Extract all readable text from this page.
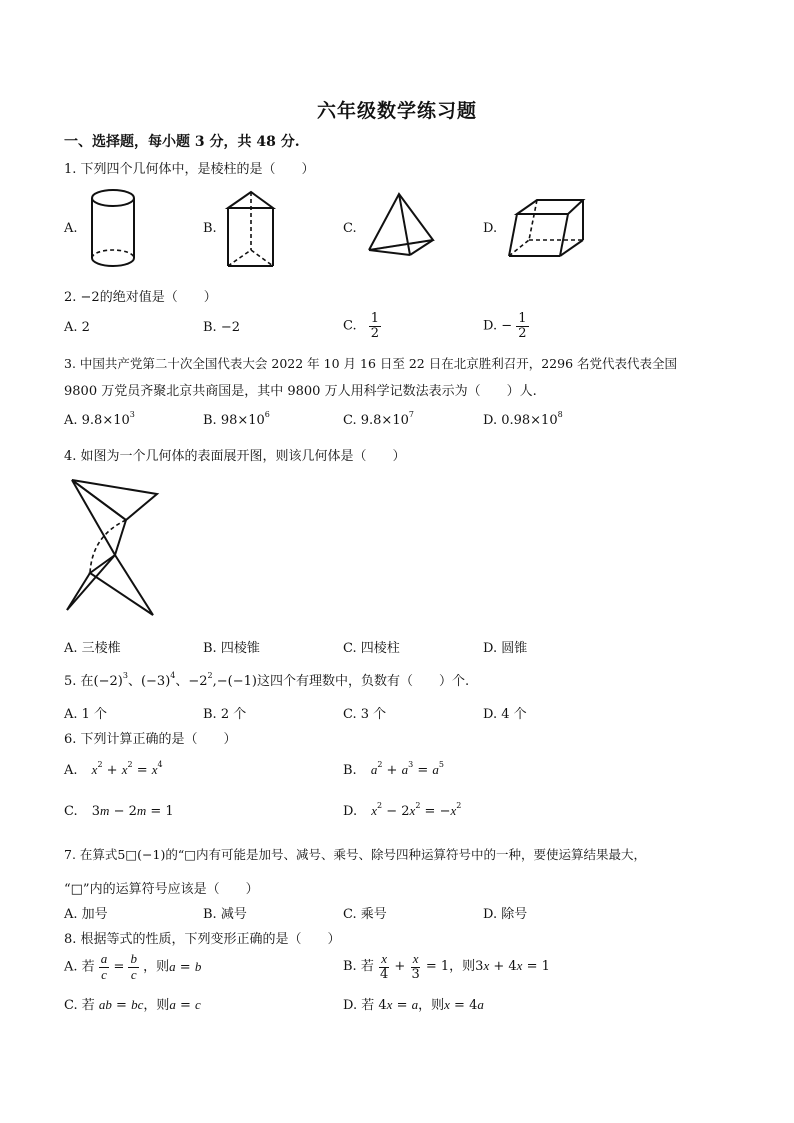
六年级数学练习题
一、选择题，每小题 3 分，共 48 分.
1. 下列四个几何体中，是棱柱的是（　　）
A.	B.	C.	D.
2. −2的绝对值是（　　）
A. 2	B. −2	C. $\frac{1}{2}$	D. − $\frac{1}{2}$
3. 中国共产党第二十次全国代表大会 2022 年 10 月 16 日至 22 日在北京胜利召开，2296 名党代表代表全国
9800 万党员齐聚北京共商国是，其中 9800 万人用科学记数法表示为（　　）人.
A. $9.8\times 10^3$	B. $98\times 10^6$	C. $9.8\times 10^7$	D. $0.98\times 10^8$
4. 如图为一个几何体的表面展开图，则该几何体是（　　）
A. 三棱椎	B. 四棱锥	C. 四棱柱	D. 圆锥
5. 在$(-2)^3$、$(-3)^4$、$-2^2,-(-1)$这四个有理数中，负数有（　　）个.
A. 1 个	B. 2 个	C. 3 个	D. 4 个
6. 下列计算正确的是（　　）
A. $x^2 + x^2 = x^4$	B. $a^2 + a^3 = a^5$
C. 3m − 2m = 1	D. $x^2 - 2x^2 = -x^2$
7. 在算式5□(−1)的“□内有可能是加号、减号、乘号、除号四种运算符号中的一种，要使运算结果最大，
“□”内的运算符号应该是（　　）
A. 加号	B. 减号	C. 乘号	D. 除号
8. 根据等式的性质，下列变形正确的是（　　）
A. 若 $\frac{a}{c} = \frac{b}{c}$ ，则a = b	B. 若 $\frac{x}{4} + \frac{x}{3} = 1$，则3x + 4x = 1
C. 若 ab = bc，则a = c	D. 若 4x = a，则x = 4a
